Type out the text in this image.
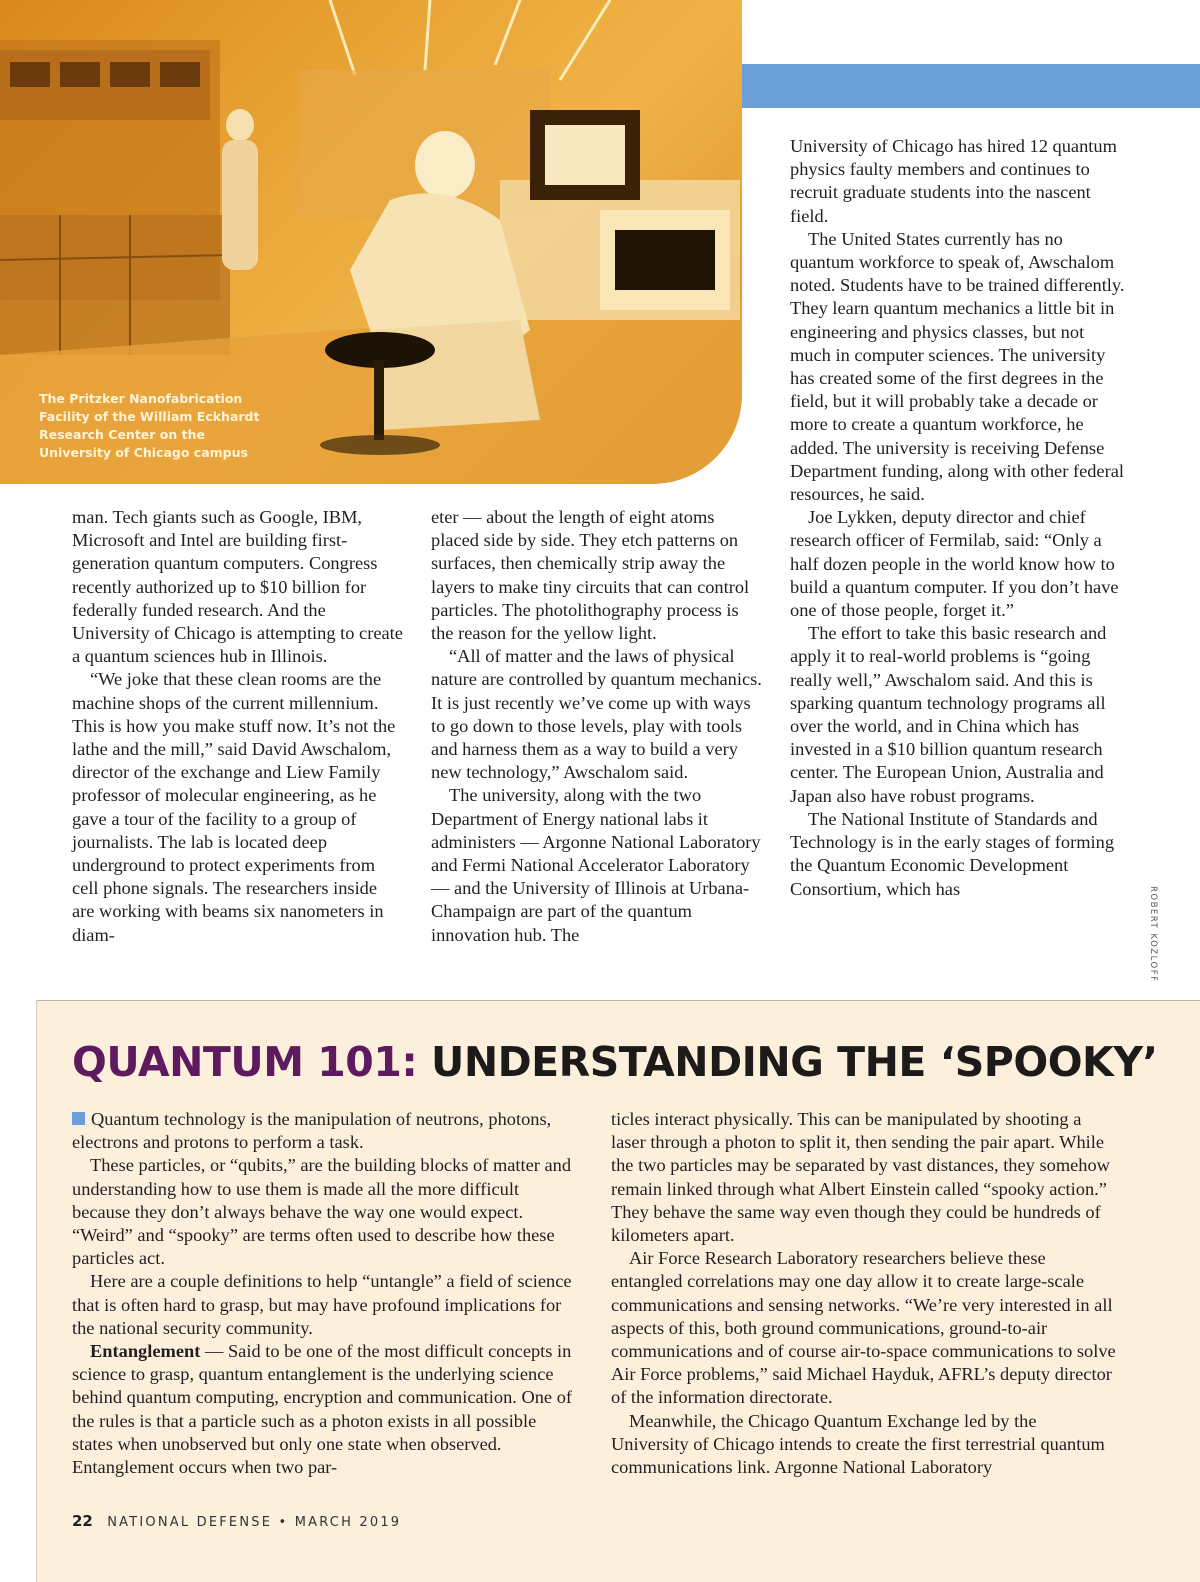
The Pritzker Nanofabrication Facility of the William Eckhardt Research Center on the University of Chicago campus

man. Tech giants such as Google, IBM, Microsoft and Intel are building first-generation quantum computers. Congress recently authorized up to $10 billion for federally funded research. And the University of Chicago is attempting to create a quantum sciences hub in Illinois.

“We joke that these clean rooms are the machine shops of the current millennium. This is how you make stuff now. It’s not the lathe and the mill,” said David Awschalom, director of the exchange and Liew Family professor of molecular engineering, as he gave a tour of the facility to a group of journalists. The lab is located deep underground to protect experiments from cell phone signals. The researchers inside are working with beams six nanometers in diam-

eter — about the length of eight atoms placed side by side. They etch patterns on surfaces, then chemically strip away the layers to make tiny circuits that can control particles. The photolithography process is the reason for the yellow light.

“All of matter and the laws of physical nature are controlled by quantum mechanics. It is just recently we’ve come up with ways to go down to those levels, play with tools and harness them as a way to build a very new technology,” Awschalom said.

The university, along with the two Department of Energy national labs it administers — Argonne National Laboratory and Fermi National Accelerator Laboratory — and the University of Illinois at Urbana-Champaign are part of the quantum innovation hub. The

University of Chicago has hired 12 quantum physics faulty members and continues to recruit graduate students into the nascent field.

The United States currently has no quantum workforce to speak of, Awschalom noted. Students have to be trained differently. They learn quantum mechanics a little bit in engineering and physics classes, but not much in computer sciences. The university has created some of the first degrees in the field, but it will probably take a decade or more to create a quantum workforce, he added. The university is receiving Defense Department funding, along with other federal resources, he said.

Joe Lykken, deputy director and chief research officer of Fermilab, said: “Only a half dozen people in the world know how to build a quantum computer. If you don’t have one of those people, forget it.”

The effort to take this basic research and apply it to real-world problems is “going really well,” Awschalom said. And this is sparking quantum technology programs all over the world, and in China which has invested in a $10 billion quantum research center. The European Union, Australia and Japan also have robust programs.

The National Institute of Standards and Technology is in the early stages of forming the Quantum Economic Development Consortium, which has	ROBERT KOZLOFF
QUANTUM 101: UNDERSTANDING THE ‘SPOOKY’

Quantum technology is the manipulation of neutrons, photons, electrons and protons to perform a task.

These particles, or “qubits,” are the building blocks of matter and understanding how to use them is made all the more difficult because they don’t always behave the way one would expect. “Weird” and “spooky” are terms often used to describe how these particles act.

Here are a couple definitions to help “untangle” a field of science that is often hard to grasp, but may have profound implications for the national security community.

Entanglement — Said to be one of the most difficult concepts in science to grasp, quantum entanglement is the underlying science behind quantum computing, encryption and communication. One of the rules is that a particle such as a photon exists in all possible states when unobserved but only one state when observed. Entanglement occurs when two par-

ticles interact physically. This can be manipulated by shooting a laser through a photon to split it, then sending the pair apart. While the two particles may be separated by vast distances, they somehow remain linked through what Albert Einstein called “spooky action.” They behave the same way even though they could be hundreds of kilometers apart.

Air Force Research Laboratory researchers believe these entangled correlations may one day allow it to create large-scale communications and sensing networks. “We’re very interested in all aspects of this, both ground communications, ground-to-air communications and of course air-to-space communications to solve Air Force problems,” said Michael Hayduk, AFRL’s deputy director of the information directorate.

Meanwhile, the Chicago Quantum Exchange led by the University of Chicago intends to create the first terrestrial quantum communications link. Argonne National Laboratory

22 NATIONAL DEFENSE • MARCH 2019
